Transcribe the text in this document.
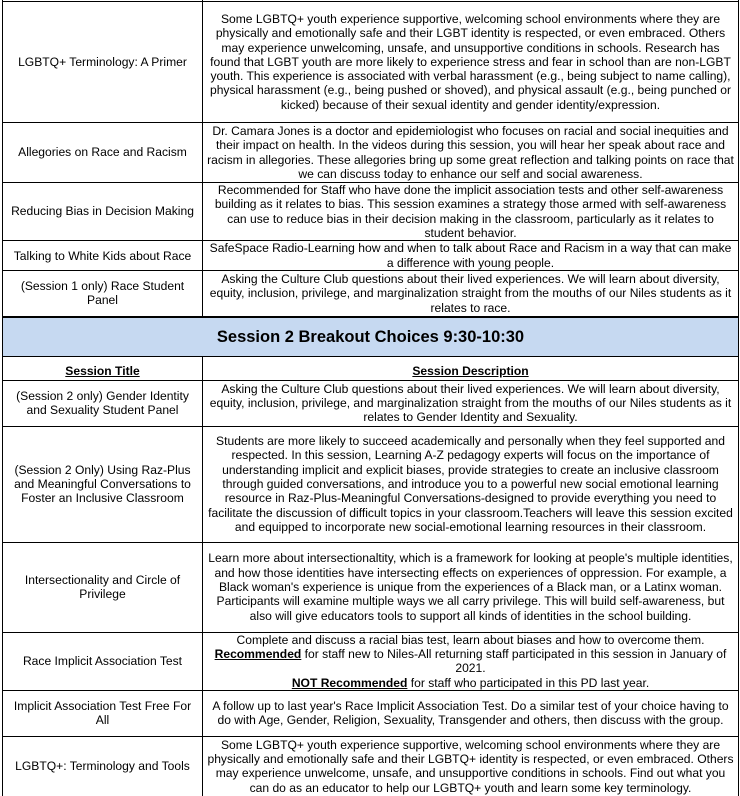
LGBTQ+ Terminology: A Primer	Some LGBTQ+ youth experience supportive, welcoming school environments where they are physically and emotionally safe and their LGBT identity is respected, or even embraced. Others may experience unwelcoming, unsafe, and unsupportive conditions in schools. Research has found that LGBT youth are more likely to experience stress and fear in school than are non-LGBT youth. This experience is associated with verbal harassment (e.g., being subject to name calling), physical harassment (e.g., being pushed or shoved), and physical assault (e.g., being punched or kicked) because of their sexual identity and gender identity/expression.

Allegories on Race and Racism	Dr. Camara Jones is a doctor and epidemiologist who focuses on racial and social inequities and their impact on health. In the videos during this session, you will hear her speak about race and racism in allegories. These allegories bring up some great reflection and talking points on race that we can discuss today to enhance our self and social awareness.

Reducing Bias in Decision Making	Recommended for Staff who have done the implicit association tests and other self-awareness building as it relates to bias. This session examines a strategy those armed with self-awareness can use to reduce bias in their decision making in the classroom, particularly as it relates to student behavior.

Talking to White Kids about Race	SafeSpace Radio-Learning how and when to talk about Race and Racism in a way that can make a difference with young people.

(Session 1 only) Race Student Panel	Asking the Culture Club questions about their lived experiences. We will learn about diversity, equity, inclusion, privilege, and marginalization straight from the mouths of our Niles students as it relates to race.

Session 2 Breakout Choices 9:30-10:30	
Session Title	Session Description
(Session 2 only) Gender Identity and Sexuality Student Panel	Asking the Culture Club questions about their lived experiences. We will learn about diversity, equity, inclusion, privilege, and marginalization straight from the mouths of our Niles students as it relates to Gender Identity and Sexuality.

(Session 2 Only) Using Raz-Plus and Meaningful Conversations to Foster an Inclusive Classroom	Students are more likely to succeed academically and personally when they feel supported and respected. In this session, Learning A-Z pedagogy experts will focus on the importance of understanding implicit and explicit biases, provide strategies to create an inclusive classroom through guided conversations, and introduce you to a powerful new social emotional learning resource in Raz-Plus-Meaningful Conversations-designed to provide everything you need to facilitate the discussion of difficult topics in your classroom.Teachers will leave this session excited and equipped to incorporate new social-emotional learning resources in their classroom.

Intersectionality and Circle of Privilege	Learn more about intersectionaltity, which is a framework for looking at people's multiple identities, and how those identities have intersecting effects on experiences of oppression. For example, a Black woman's experience is unique from the experiences of a Black man, or a Latinx woman.
Participants will examine multiple ways we all carry privilege. This will build self-awareness, but also will give educators tools to support all kinds of identities in the school building.

Race Implicit Association Test	Complete and discuss a racial bias test, learn about biases and how to overcome them.
Recommended for staff new to Niles-All returning staff participated in this session in January of 2021.
NOT Recommended for staff who participated in this PD last year.

Implicit Association Test Free For All	A follow up to last year's Race Implicit Association Test. Do a similar test of your choice having to do with Age, Gender, Religion, Sexuality, Transgender and others, then discuss with the group.

LGBTQ+: Terminology and Tools	Some LGBTQ+ youth experience supportive, welcoming school environments where they are physically and emotionally safe and their LGBTQ+ identity is respected, or even embraced. Others may experience unwelcome, unsafe, and unsupportive conditions in schools. Find out what you can do as an educator to help our LGBTQ+ youth and learn some key terminology.
